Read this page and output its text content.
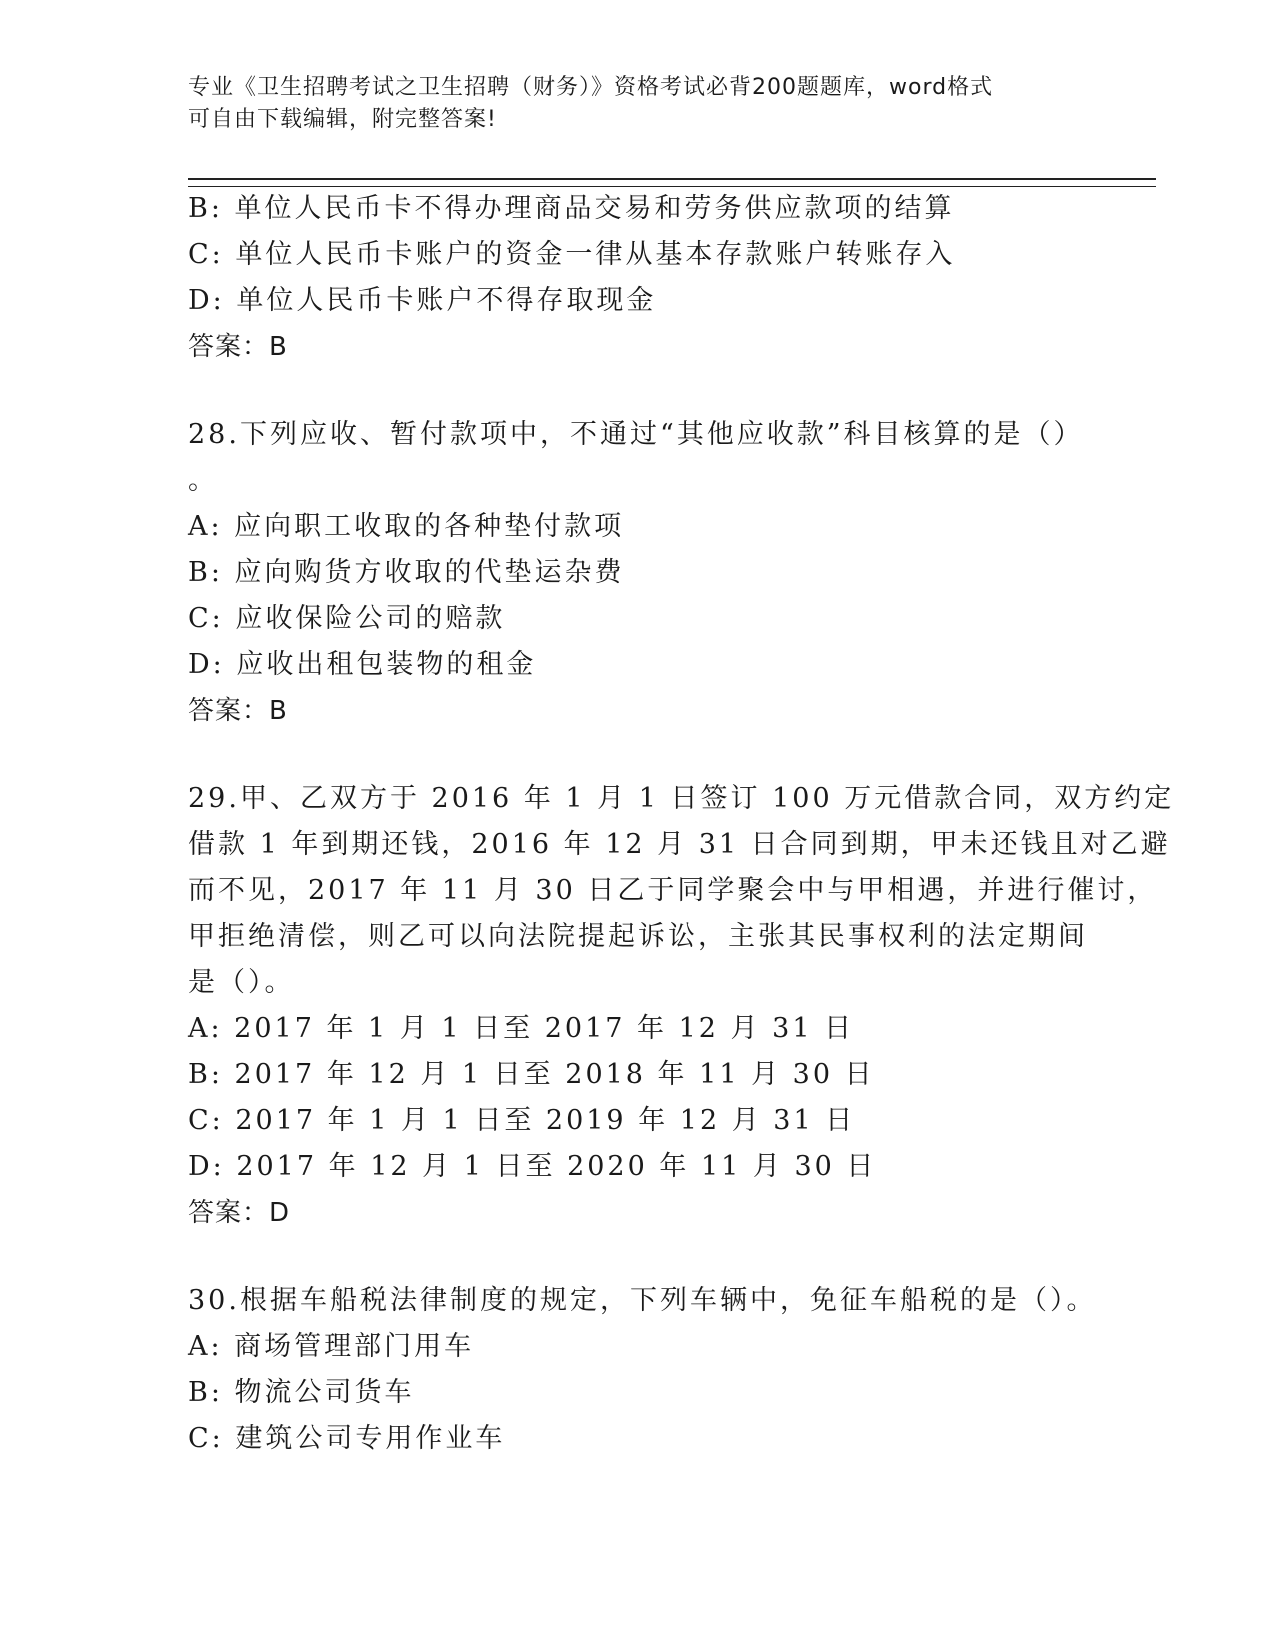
专业《卫生招聘考试之卫生招聘（财务）》资格考试必背200题题库，word格式
可自由下载编辑，附完整答案!
B: 单位人民币卡不得办理商品交易和劳务供应款项的结算
C: 单位人民币卡账户的资金一律从基本存款账户转账存入
D: 单位人民币卡账户不得存取现金
答案：B
28.下列应收、暂付款项中，不通过“其他应收款”科目核算的是（）
。
A: 应向职工收取的各种垫付款项
B: 应向购货方收取的代垫运杂费
C: 应收保险公司的赔款
D: 应收出租包装物的租金
答案：B
29.甲、乙双方于 2016 年 1 月 1 日签订 100 万元借款合同，双方约定
借款 1 年到期还钱，2016 年 12 月 31 日合同到期，甲未还钱且对乙避
而不见，2017 年 11 月 30 日乙于同学聚会中与甲相遇，并进行催讨，
甲拒绝清偿，则乙可以向法院提起诉讼，主张其民事权利的法定期间
是（）。
A: 2017 年 1 月 1 日至 2017 年 12 月 31 日
B: 2017 年 12 月 1 日至 2018 年 11 月 30 日
C: 2017 年 1 月 1 日至 2019 年 12 月 31 日
D: 2017 年 12 月 1 日至 2020 年 11 月 30 日
答案：D
30.根据车船税法律制度的规定，下列车辆中，免征车船税的是（）。
A: 商场管理部门用车
B: 物流公司货车
C: 建筑公司专用作业车
